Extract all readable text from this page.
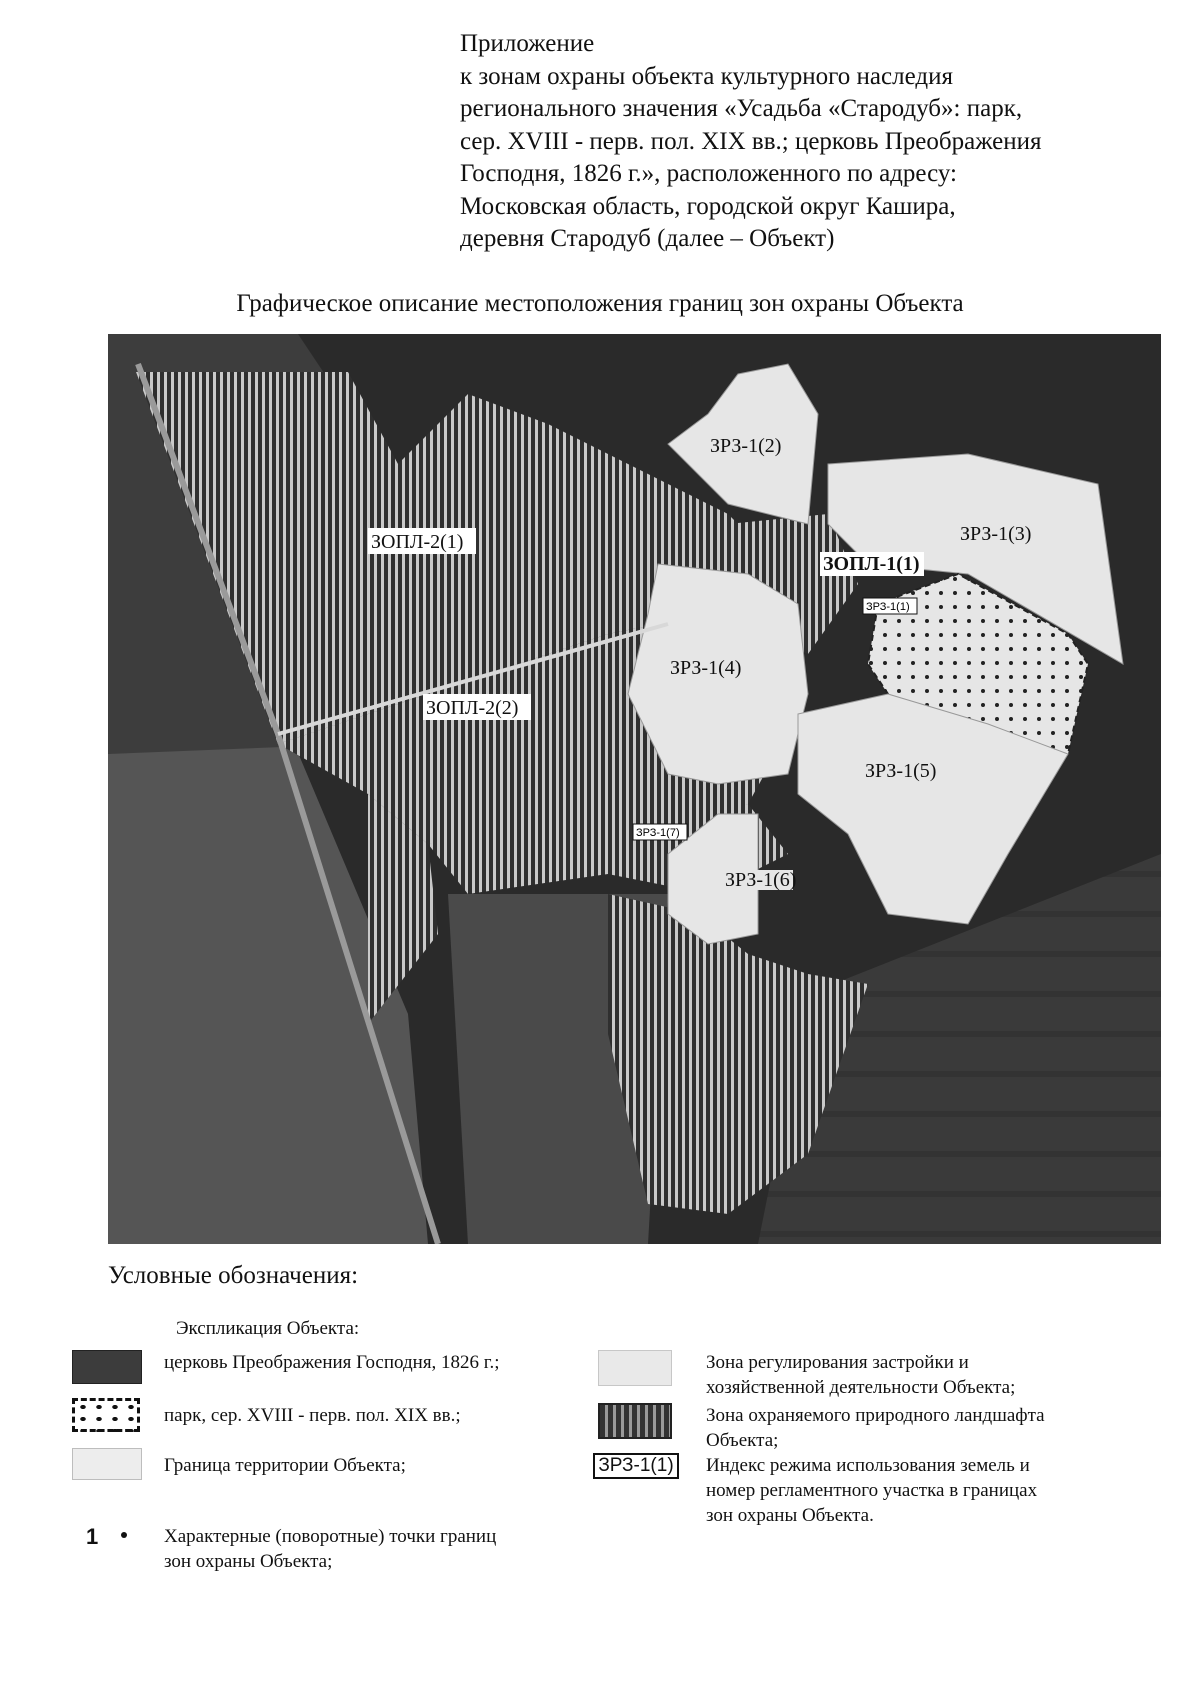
Приложение
к зонам охраны объекта культурного наследия
регионального значения «Усадьба «Стародуб»: парк,
сер. XVIII - перв. пол. XIX вв.; церковь Преображения
Господня, 1826 г.», расположенного по адресу:
Московская область, городской округ Кашира,
деревня Стародуб (далее – Объект)
Графическое описание местоположения границ зон охраны Объекта
ЗРЗ-1(2)
ЗРЗ-1(3)
ЗРЗ-1(4)
ЗРЗ-1(5)
ЗРЗ-1(6)
ЗРЗ-1(7)
ЗРЗ-1(1)
ЗОПЛ-2(1)
ЗОПЛ-2(2)
ЗОПЛ-1(1)
Условные обозначения:
Экспликация Объекта:
церковь Преображения Господня, 1826 г.;
парк, сер. XVIII - перв. пол. XIX вв.;
Граница территории Объекта;
Зона регулирования застройки и
хозяйственной деятельности Объекта;
Зона охраняемого природного ландшафта
Объекта;
ЗРЗ-1(1) Индекс режима использования земель и
номер регламентного участка в границах
зон охраны Объекта.
1	Характерные (поворотные) точки границ
зон охраны Объекта;
